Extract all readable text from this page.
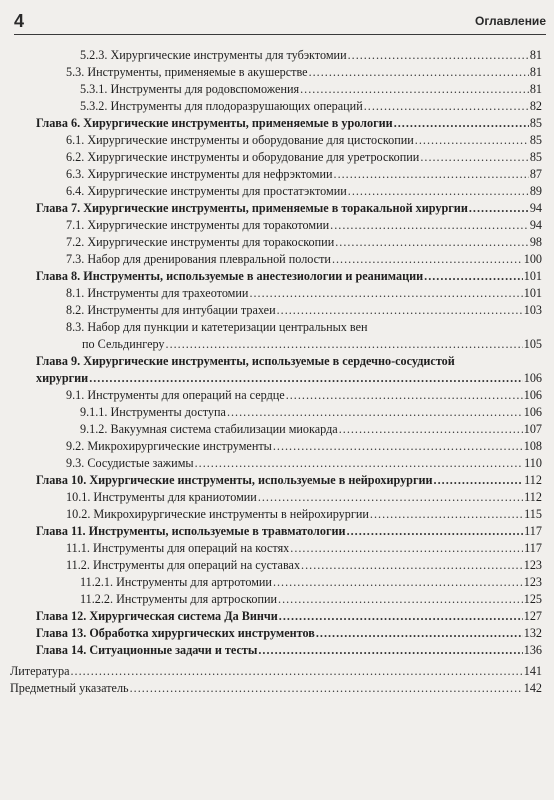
4	Оглавление
5.2.3. Хирургические инструменты для тубэктомии .....	81
5.3. Инструменты, применяемые в акушерстве .....	81
5.3.1. Инструменты для родовспоможения .....	81
5.3.2. Инструменты для плодоразрушающих операций .....	82
Глава 6. Хирургические инструменты, применяемые в урологии .....	85
6.1. Хирургические инструменты и оборудование для цистоскопии .....	85
6.2. Хирургические инструменты и оборудование для уретроскопии .....	85
6.3. Хирургические инструменты для нефрэктомии .....	87
6.4. Хирургические инструменты для простатэктомии .....	89
Глава 7. Хирургические инструменты, применяемые в торакальной хирургии .....	94
7.1. Хирургические инструменты для торакотомии .....	94
7.2. Хирургические инструменты для торакоскопии .....	98
7.3. Набор для дренирования плевральной полости .....	100
Глава 8. Инструменты, используемые в анестезиологии и реанимации .....	101
8.1. Инструменты для трахеотомии .....	101
8.2. Инструменты для интубации трахеи .....	103
8.3. Набор для пункции и катетеризации центральных вен
по Сельдингеру .....	105
Глава 9. Хирургические инструменты, используемые в сердечно-сосудистой
хирургии .....	106
9.1. Инструменты для операций на сердце .....	106
9.1.1. Инструменты доступа .....	106
9.1.2. Вакуумная система стабилизации миокарда .....	107
9.2. Микрохирургические инструменты .....	108
9.3. Сосудистые зажимы .....	110
Глава 10. Хирургические инструменты, используемые в нейрохирургии .....	112
10.1. Инструменты для краниотомии .....	112
10.2. Микрохирургические инструменты в нейрохирургии .....	115
Глава 11. Инструменты, используемые в травматологии .....	117
11.1. Инструменты для операций на костях .....	117
11.2. Инструменты для операций на суставах .....	123
11.2.1. Инструменты для артротомии .....	123
11.2.2. Инструменты для артроскопии .....	125
Глава 12. Хирургическая система Да Винчи .....	127
Глава 13. Обработка хирургических инструментов .....	132
Глава 14. Ситуационные задачи и тесты .....	136
Литература .....	141
Предметный указатель .....	142
